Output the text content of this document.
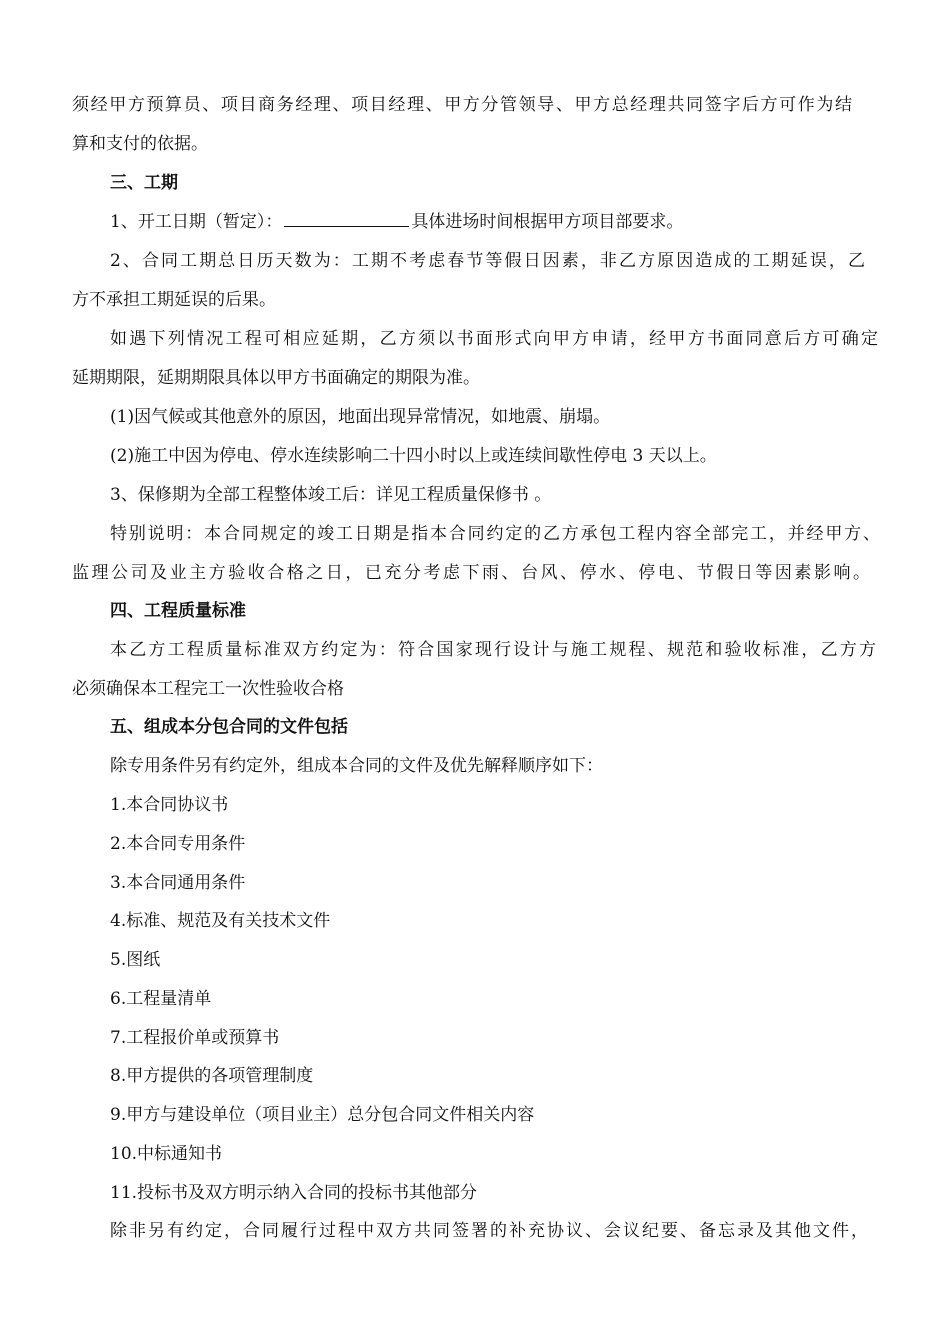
须经甲方预算员、项目商务经理、项目经理、甲方分管领导、甲方总经理共同签字后方可作为结
算和支付的依据。
三、工期
1、开工日期（暂定）：	具体进场时间根据甲方项目部要求。
2、合同工期总日历天数为：工期不考虑春节等假日因素，非乙方原因造成的工期延误，乙
方不承担工期延误的后果。
如遇下列情况工程可相应延期，乙方须以书面形式向甲方申请，经甲方书面同意后方可确定
延期期限，延期期限具体以甲方书面确定的期限为准。
(1)因气候或其他意外的原因，地面出现异常情况，如地震、崩塌。
(2)施工中因为停电、停水连续影响二十四小时以上或连续间歇性停电 3 天以上。
3、保修期为全部工程整体竣工后：详见工程质量保修书 。
特别说明：本合同规定的竣工日期是指本合同约定的乙方承包工程内容全部完工，并经甲方、
监理公司及业主方验收合格之日，已充分考虑下雨、台风、停水、停电、节假日等因素影响。
四、工程质量标准
本乙方工程质量标准双方约定为：符合国家现行设计与施工规程、规范和验收标准，乙方方
必须确保本工程完工一次性验收合格
五、组成本分包合同的文件包括
除专用条件另有约定外，组成本合同的文件及优先解释顺序如下：
1.本合同协议书
2.本合同专用条件
3.本合同通用条件
4.标准、规范及有关技术文件
5.图纸
6.工程量清单
7.工程报价单或预算书
8.甲方提供的各项管理制度
9.甲方与建设单位（项目业主）总分包合同文件相关内容
10.中标通知书
11.投标书及双方明示纳入合同的投标书其他部分
除非另有约定，合同履行过程中双方共同签署的补充协议、会议纪要、备忘录及其他文件，
